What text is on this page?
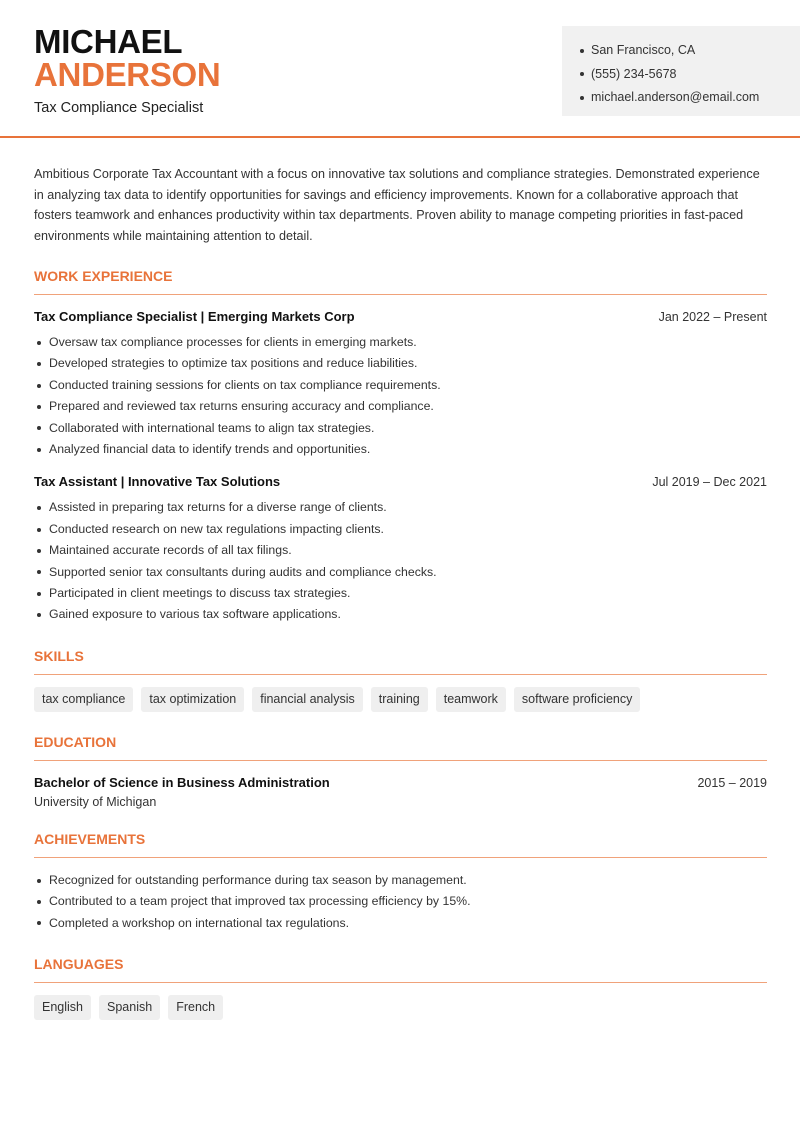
MICHAEL
ANDERSON
Tax Compliance Specialist
San Francisco, CA
(555) 234-5678
michael.anderson@email.com

Ambitious Corporate Tax Accountant with a focus on innovative tax solutions and compliance strategies. Demonstrated experience in analyzing tax data to identify opportunities for savings and efficiency improvements. Known for a collaborative approach that fosters teamwork and enhances productivity within tax departments. Proven ability to manage competing priorities in fast-paced environments while maintaining attention to detail.

WORK EXPERIENCE
Tax Compliance Specialist | Emerging Markets Corp	Jan 2022 – Present
Oversaw tax compliance processes for clients in emerging markets.
Developed strategies to optimize tax positions and reduce liabilities.
Conducted training sessions for clients on tax compliance requirements.
Prepared and reviewed tax returns ensuring accuracy and compliance.
Collaborated with international teams to align tax strategies.
Analyzed financial data to identify trends and opportunities.
Tax Assistant | Innovative Tax Solutions	Jul 2019 – Dec 2021
Assisted in preparing tax returns for a diverse range of clients.
Conducted research on new tax regulations impacting clients.
Maintained accurate records of all tax filings.
Supported senior tax consultants during audits and compliance checks.
Participated in client meetings to discuss tax strategies.
Gained exposure to various tax software applications.
SKILLS
tax compliance	tax optimization	financial analysis	training	teamwork	software proficiency
EDUCATION
Bachelor of Science in Business Administration	2015 – 2019
University of Michigan
ACHIEVEMENTS
Recognized for outstanding performance during tax season by management.
Contributed to a team project that improved tax processing efficiency by 15%.
Completed a workshop on international tax regulations.
LANGUAGES
English	Spanish	French
